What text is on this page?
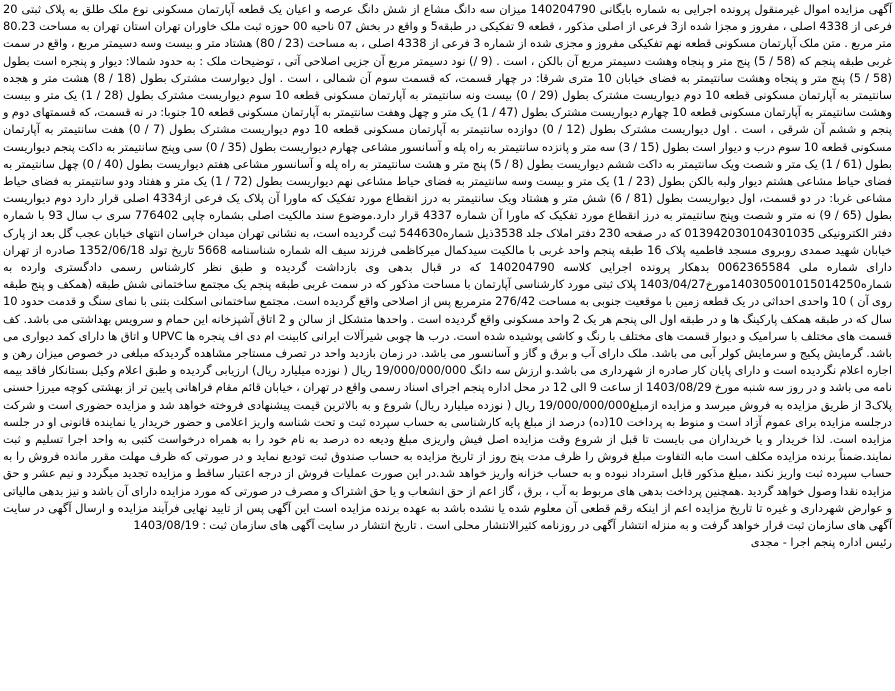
آگهی مزایده اموال غیرمنقول پرونده اجرایی به شماره بایگانی 140204790 میزان سه دانگ مشاع از شش دانگ عرصه و اعیان یک قطعه آپارتمان مسکونی نوع ملک طلق به پلاک ثبتی 20 فرعی از 4338 اصلی ، مفروز و مجزا شده از3 فرعی از اصلی مذکور ، قطعه 9 تفکیکی در طبقه5 و واقع در بخش 07 ناحیه 00 حوزه ثبت ملک خاوران تهران استان تهران به مساحت 80.23 متر مربع . متن ملک آپارتمان مسکونی قطعه نهم تفکیکی مفروز و مجزی شده از شماره 3 فرعی از 4338 اصلی ، به مساحت (23 / 80) هشتاد متر و بیست وسه دسیمتر مربع ، واقع در سمت غربی طبقه پنجم که (58 / 5) پنج متر و پنجاه وهشت دسیمتر مربع آن بالکن ، است . (9 /) نود دسیمتر مربع آن جزیی اصلاحی آتی ، توضیحات ملک : به حدود شمالا: دیوار و پنجره است بطول (58 / 5) پنج متر و پنجاه وهشت سانتیمتر به فضای خیابان 10 متری شرقا: در چهار قسمت، که قسمت سوم آن شمالی ، است . اول دیوارست مشترک بطول (18 / 8) هشت متر و هجده سانتیمتر به آپارتمان مسکونی قطعه 10 دوم دیواریست مشترک بطول (29 / 0) بیست ونه سانتیمتر به آپارتمان مسکونی قطعه 10 سوم دیواریست مشترک بطول (28 / 1) یک متر و بیست وهشت سانتیمتر به آپارتمان مسکونی قطعه 10 چهارم دیواریست مشترک بطول (47 / 1) یک متر و چهل وهفت سانتیمتر به آپارتمان مسکونی قطعه 10 جنوبا: در نه قسمت، که قسمتهای دوم و پنجم و ششم آن شرقی ، است . اول دیواریست مشترک بطول (12 / 0) دوازده سانتیمتر به آپارتمان مسکونی قطعه 10 دوم دیواریست مشترک بطول (7 / 0) هفت سانتیمتر به آپارتمان مسکونی قطعه 10 سوم درب و دیوار است بطول (15 / 3) سه متر و پانزده سانتیمتر به راه پله و آسانسور مشاعی چهارم دیواریست بطول (35 / 0) سی وپنج سانتیمتر به داکت پنجم دیواریست بطول (61 / 1) یک متر و شصت ویک سانتیمتر به داکت ششم دیواریست بطول (8 / 5) پنج متر و هشت سانتیمتر به راه پله و آسانسور مشاعی هفتم دیواریست بطول (40 / 0) چهل سانتیمتر به فضای حیاط مشاعی هشتم دیوار ولبه بالکن بطول (23 / 1) یک متر و بیست وسه سانتیمتر به فضای حیاط مشاعی نهم دیواریست بطول (72 / 1) یک متر و هفتاد ودو سانتیمتر به فضای حیاط مشاعی غربا: در دو قسمت، اول دیواریست بطول (81 / 6) شش متر و هشتاد ویک سانتیمتر به درز انقطاع مورد تفکیک که ماورا آن پلاک یک فرعی از4334 اصلی قرار دارد دوم دیواریست بطول (65 / 9) نه متر و شصت وپنج سانتیمتر به درز انقطاع مورد تفکیک که ماورا آن شماره 4337 قرار دارد.موضوع سند مالکیت اصلی بشماره چاپی 776402 سری ب سال 93 با شماره دفتر الکترونیکی 013942030104301035 که در صفحه 230 دفتر املاک جلد 3538ذیل شماره544630 ثبت گردیده است، به نشانی تهران میدان خراسان انتهای خیابان عجب گل بعد از پارک خیابان شهید صمدی روبروی مسجد فاطمیه پلاک 16 طبقه پنجم واحد غربی با مالکیت سیدکمال میرکاظمی فرزند سیف اله شماره شناسنامه 5668 تاریخ تولد 1352/06/18 صادره از تهران دارای شماره ملی 0062365584 بدهکار پرونده اجرایی کلاسه 140204790 که در قبال بدهی وی بازداشت گردیده و طبق نظر کارشناس رسمی دادگستری وارده به شماره140305001015014250مورخ1403/04/27 پلاک ثبتی مورد کارشناسی آپارتمان با مساحت مذکور که در سمت غربی طبقه پنجم یک مجتمع ساختمانی شش طبقه (همکف و پنج طبقه روی آن ) 10 واحدی احداثی در یک قطعه زمین با موقعیت جنوبی به مساحت 276/42 مترمربع پس از اصلاحی واقع گردیده است. مجتمع ساختمانی اسکلت بتنی با نمای سنگ و قدمت حدود 10 سال که در طبقه همکف پارکینگ ها و در طبقه اول الی پنجم هر یک 2 واحد مسکونی واقع گردیده است . واحدها متشکل از سالن و 2 اتاق آشپزخانه این حمام و سرویس بهداشتی می باشد. کف قسمت های مختلف با سرامیک و دیوار قسمت های مختلف با رنگ و کاشی پوشیده شده است. درب ها چوبی شیرآلات ایرانی کابینت ام دی اف پنجره ها UPVC و اتاق ها دارای کمد دیواری می باشد. گرمایش پکیج و سرمایش کولر آبی می باشد. ملک دارای آب و برق و گاز و آسانسور می باشد. در زمان بازدید واحد در تصرف مستاجر مشاهده گردیدکه مبلغی در خصوص میزان رهن و اجاره اعلام نگردیده است و دارای پایان کار صادره از شهرداری می باشد.و ارزش سه دانگ 19/000/000/000 ریال ( نوزده میلیارد ریال) ارزیابی گردیده و طبق اعلام وکیل بستانکار فاقد بیمه نامه می باشد و در روز سه شنبه مورخ 1403/08/29 از ساعت 9 الی 12 در محل اداره پنجم اجرای اسناد رسمی واقع در تهران ، خیابان قائم مقام فراهانی پایین تر از بهشتی کوچه میرزا حسنی پلاک3 از طریق مزایده به فروش میرسد و مزایده ازمبلغ19/000/000/000 ریال ( نوزده میلیارد ریال) شروع و به بالاترین قیمت پیشنهادی فروخته خواهد شد و مزایده حضوری است و شرکت درجلسه مزایده برای عموم آزاد است و منوط به پرداخت 10(ده) درصد از مبلغ پایه کارشناسی به حساب سپرده ثبت و تحت شناسه واریز اعلامی و حضور خریدار یا نماینده قانونی او در جلسه مزایده است. لذا خریدار و یا خریداران می بایست تا قبل از شروع وقت مزایده اصل فیش واریزی مبلغ ودیعه ده درصد به نام خود را به همراه درخواست کتبی به واحد اجرا تسلیم و ثبت نمایند.ضمناً برنده مزایده مکلف است مابه التفاوت مبلغ فروش را ظرف مدت پنج روز از تاریخ مزایده به حساب صندوق ثبت تودیع نماید و در صورتی که ظرف مهلت مقرر مانده فروش را به حساب سپرده ثبت واریز نکند ،مبلغ مذکور قابل استرداد نبوده و به حساب خزانه واریز خواهد شد.در این صورت عملیات فروش از درجه اعتبار ساقط و مزایده تجدید میگردد و نیم عشر و حق مزایده نقدا وصول خواهد گردید .همچنین پرداخت بدهی های مربوط به آب ، برق ، گاز اعم از حق انشعاب و یا حق اشتراک و مصرف در صورتی که مورد مزایده دارای آن باشد و نیز بدهی مالیاتی و عوارض شهرداری و غیره تا تاریخ مزایده اعم از اینکه رقم قطعی آن معلوم شده یا نشده باشد به عهده برنده مزایده است این آگهی پس از تایید نهایی فرآیند مزایده و ارسال آگهی در سایت آگهی های سازمان ثبت قرار خواهد گرفت و به منزله انتشار آگهی در روزنامه کثیرالانتشار محلی است . تاریخ انتشار در سایت آگهی های سازمان ثبت : 1403/08/19

رئیس اداره پنجم اجرا - مجدی
